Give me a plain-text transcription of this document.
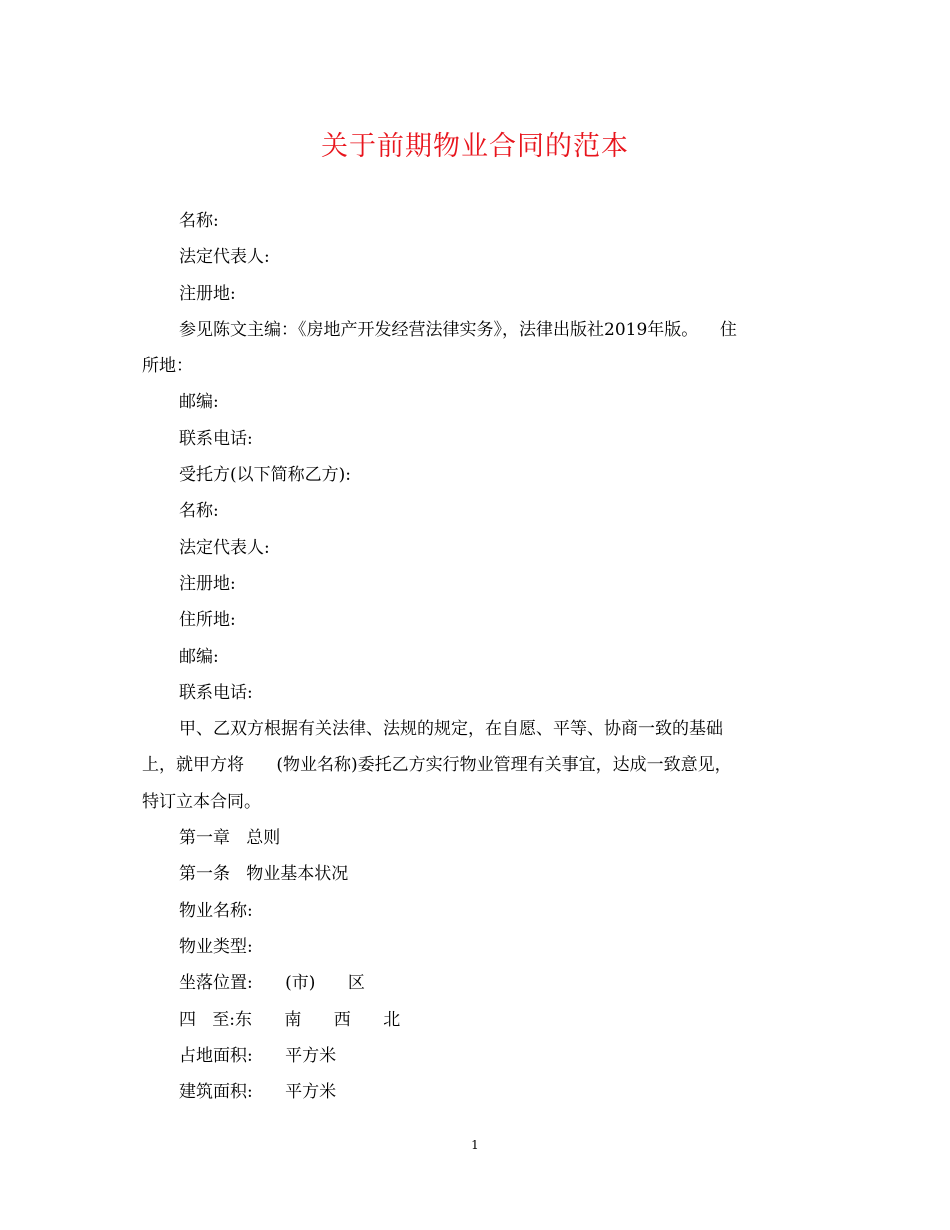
关于前期物业合同的范本
名称:
法定代表人:
注册地:
参见陈文主编：《房地产开发经营法律实务》，法律出版社2019年版。    住
所地：
邮编:
联系电话:
受托方(以下简称乙方):
名称:
法定代表人:
注册地:
住所地:
邮编:
联系电话:
甲、乙双方根据有关法律、法规的规定，在自愿、平等、协商一致的基础
上，就甲方将      (物业名称)委托乙方实行物业管理有关事宜，达成一致意见，
特订立本合同。
第一章   总则
第一条   物业基本状况
物业名称:
物业类型:
坐落位置:      (市)      区
四   至:东      南      西      北
占地面积:      平方米
建筑面积:      平方米
1
